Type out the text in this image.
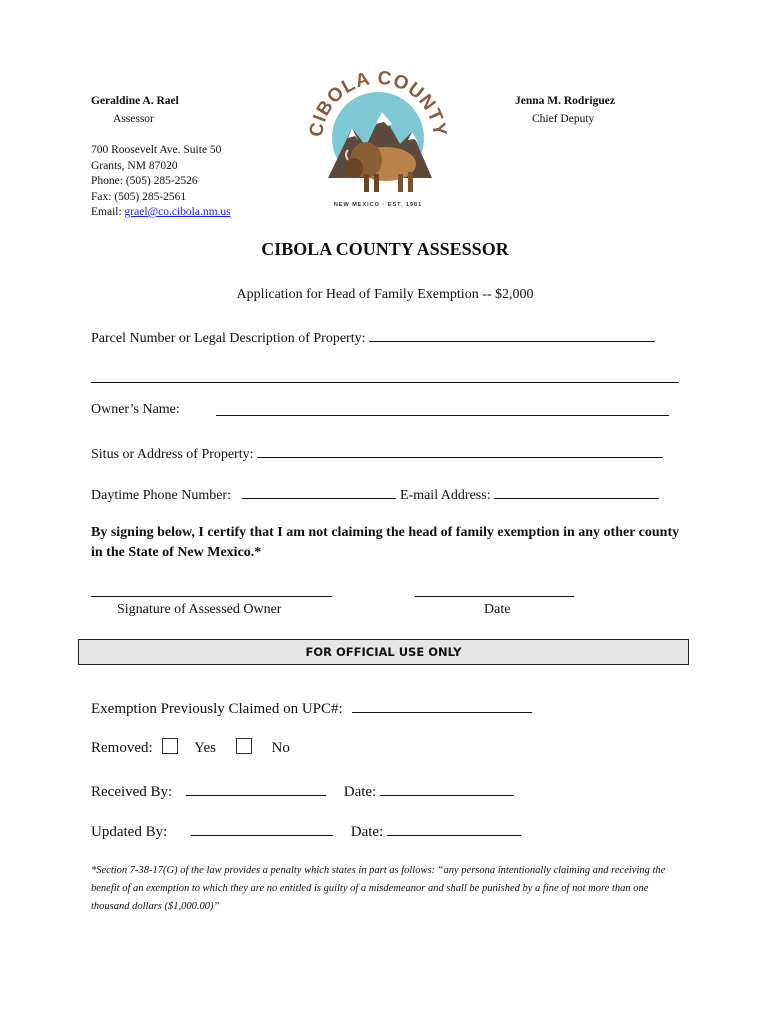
Geraldine A. Rael
Assessor
700 Roosevelt Ave. Suite 50
Grants, NM 87020
Phone: (505) 285-2526
Fax: (505) 285-2561
Email: grael@co.cibola.nm.us
Jenna M. Rodriguez
Chief Deputy
CIBOLA COUNTY
NEW MEXICO · EST. 1981
CIBOLA COUNTY ASSESSOR
Application for Head of Family Exemption -- $2,000
Parcel Number or Legal Description of Property:
Owner’s Name:
Situs or Address of Property:
Daytime Phone Number:	E-mail Address:
By signing below, I certify that I am not claiming the head of family exemption in any other county in the State of New Mexico.*
Signature of Assessed Owner	Date
FOR OFFICIAL USE ONLY
Exemption Previously Claimed on UPC#:
Removed:	Yes	No
Received By:	Date:
Updated By:	Date:
*Section 7-38-17(G) of the law provides a penalty which states in part as follows: “any persona intentionally claiming and receiving the benefit of an exemption to which they are no entitled is guilty of a misdemeanor and shall be punished by a fine of not more than one thousand dollars ($1,000.00)”
